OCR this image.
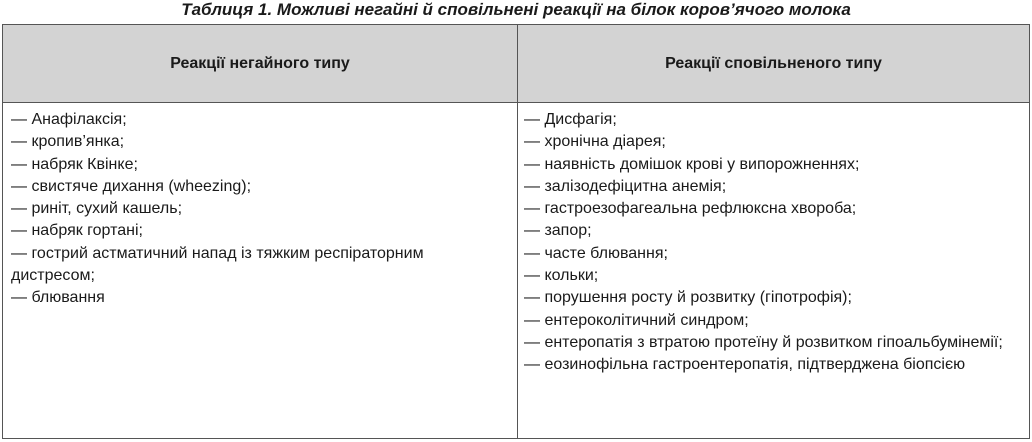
Таблиця 1. Можливі негайні й сповільнені реакції на білок коров’ячого молока
Реакції негайного типу	Реакції сповільненого типу
— Анафілаксія;
— кропив’янка;
— набряк Квінке;
— свистяче дихання (wheezing);
— риніт, сухий кашель;
— набряк гортані;
— гострий астматичний напад із тяжким респіраторним дистресом;
— блювання
— Дисфагія;
— хронічна діарея;
— наявність домішок крові у випорожненнях;
— залізодефіцитна анемія;
— гастроезофагеальна рефлюксна хвороба;
— запор;
— часте блювання;
— кольки;
— порушення росту й розвитку (гіпотрофія);
— ентероколітичний синдром;
— ентеропатія з втратою протеїну й розвитком гіпоальбумінемії;
— еозинофільна гастроентеропатія, підтверджена біопсією
